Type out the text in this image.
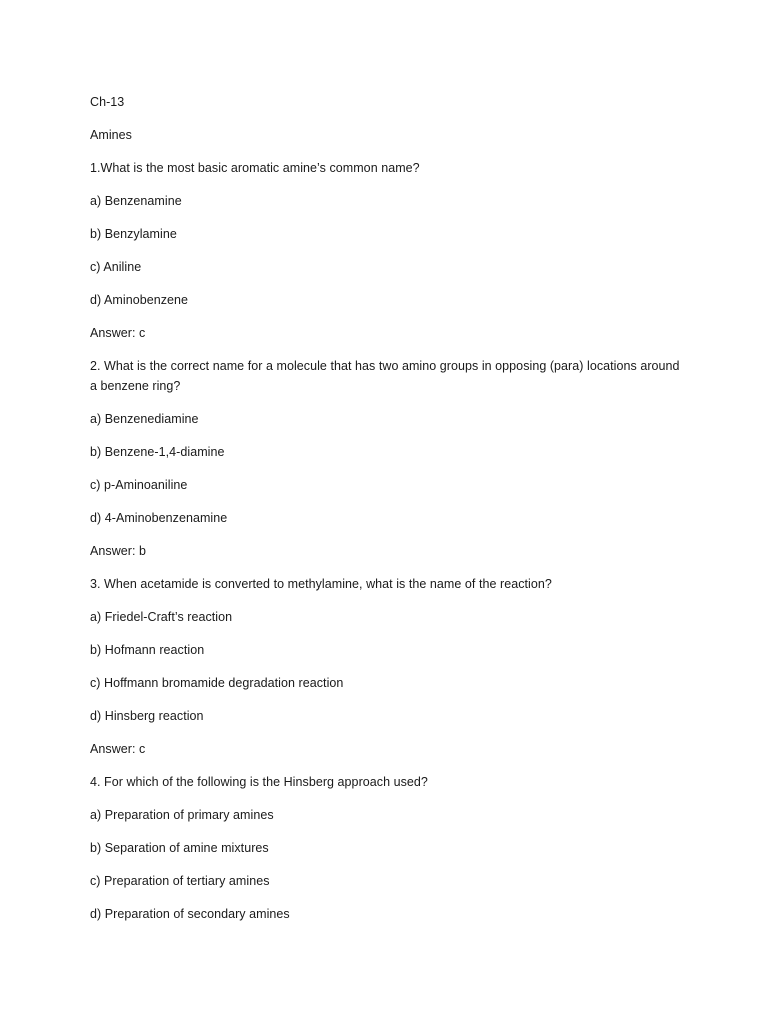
Ch-13

Amines

1.What is the most basic aromatic amine’s common name?

a) Benzenamine

b) Benzylamine

c) Aniline

d) Aminobenzene

Answer: c

2. What is the correct name for a molecule that has two amino groups in opposing (para) locations around a benzene ring?

a) Benzenediamine

b) Benzene-1,4-diamine

c) p-Aminoaniline

d) 4-Aminobenzenamine

Answer: b

3. When acetamide is converted to methylamine, what is the name of the reaction?

a) Friedel-Craft’s reaction

b) Hofmann reaction

c) Hoffmann bromamide degradation reaction

d) Hinsberg reaction

Answer: c

4. For which of the following is the Hinsberg approach used?

a) Preparation of primary amines

b) Separation of amine mixtures

c) Preparation of tertiary amines

d) Preparation of secondary amines
